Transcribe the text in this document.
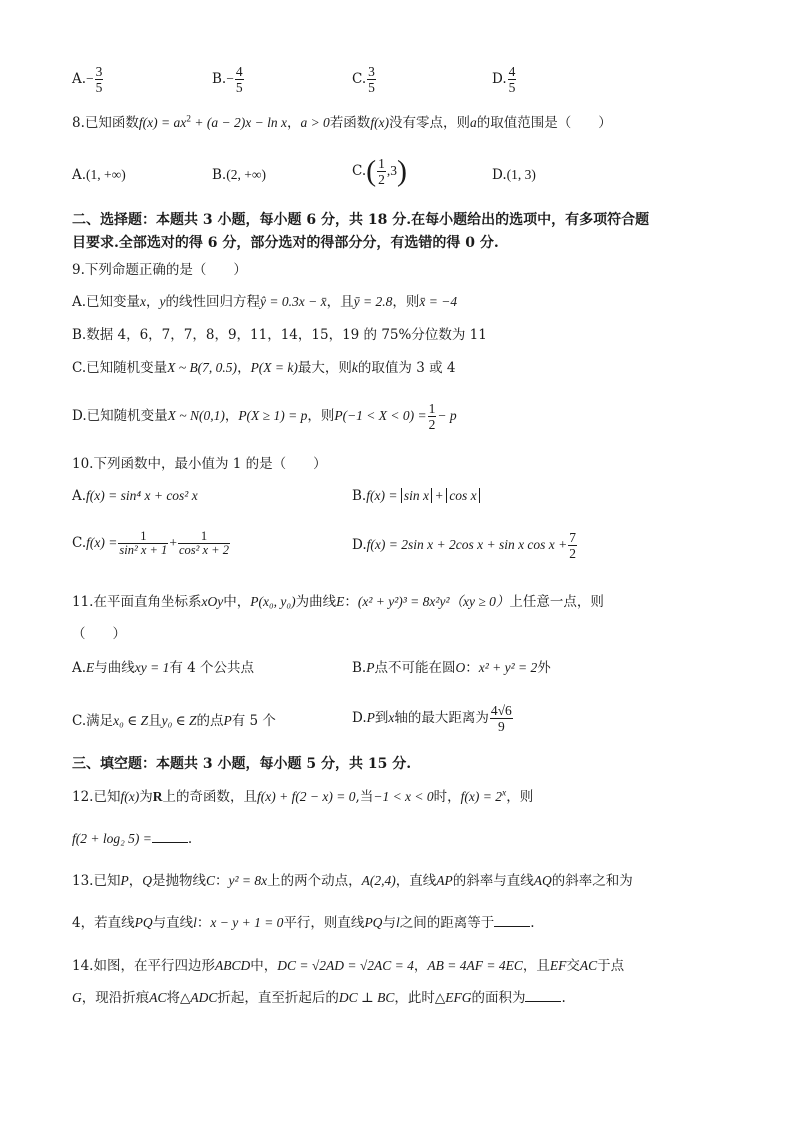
$A.- \frac{3}{5}$	$B.- \frac{4}{5}$	C. $\frac{3}{5}$	D. $\frac{4}{5}$
8.已知函数$f(x) = ax^2 + (a - 2)x - \ln x$，a > 0若函数f(x)没有零点，则a的取值范围是（　　）
A.(1, +∞)	B.(2, +∞)	$C.( \frac{1}{2} ,3)$	D.(1, 3)
二、选择题：本题共 3 小题，每小题 6 分，共 18 分.在每小题给出的选项中，有多项符合题
目要求.全部选对的得 6 分，部分选对的得部分分，有选错的得 0 分.
9.下列命题正确的是（　　）
A.已知变量x，y的线性回归方程ŷ = 0.3x − x̄，且ȳ = 2.8，则x̄ = −4
B.数据 4，6，7，7，8，9，11，14，15，19 的 75%分位数为 11
C.已知随机变量X ~ B(7, 0.5)，P(X = k)最大，则k的取值为 3 或 4
D.已知随机变量X ~ N(0,1)，P(X ≥ 1) = p，则$P(-1 < X < 0) = \frac{1}{2} - p$
10.下列函数中，最小值为 1 的是（　　）
A.f(x) = sin⁴ x + cos² x	B.f(x) = sin x + cos x
$C.f(x) = \frac{1}{\text{sin² x + 1}} + \frac{1}{\text{cos² x + 2}}$	D.f(x) = 2sin x + 2cos x + sin x $\cos x + \frac{7}{2}$
11.在平面直角坐标系xOy中，P(x₀, y₀)为曲线E：(x² + y²)³ = 8x²y²（xy ≥ 0）上任意一点，则
（　　）
A.E与曲线xy = 1有 4 个公共点	B.P点不可能在圆O：x² + y² = 2外
C.满足x₀ ∈ Z且y₀ ∈ Z的点P有 5 个	D.P到x轴的最大距离为 $\frac{4√6}{9}$
三、填空题：本题共 3 小题，每小题 5 分，共 15 分.
12.已知f(x)为R上的奇函数，且f(x) + f(2 − x) = 0,当−1 < x < 0时，$f(x) = 2^x$，则
f(2 + log₂ 5) =	.
13.已知P，Q是抛物线C：y² = 8x上的两个动点，A(2,4)，直线AP的斜率与直线AQ的斜率之和为
4，若直线PQ与直线l：x − y + 1 = 0平行，则直线PQ与l之间的距离等于	.
14.如图，在平行四边形ABCD中，DC = √2AD = √2AC = 4，AB = 4AF = 4EC，且EF交AC于点
G，现沿折痕AC将△ADC折起，直至折起后的DC ⊥ BC，此时△EFG的面积为	.
